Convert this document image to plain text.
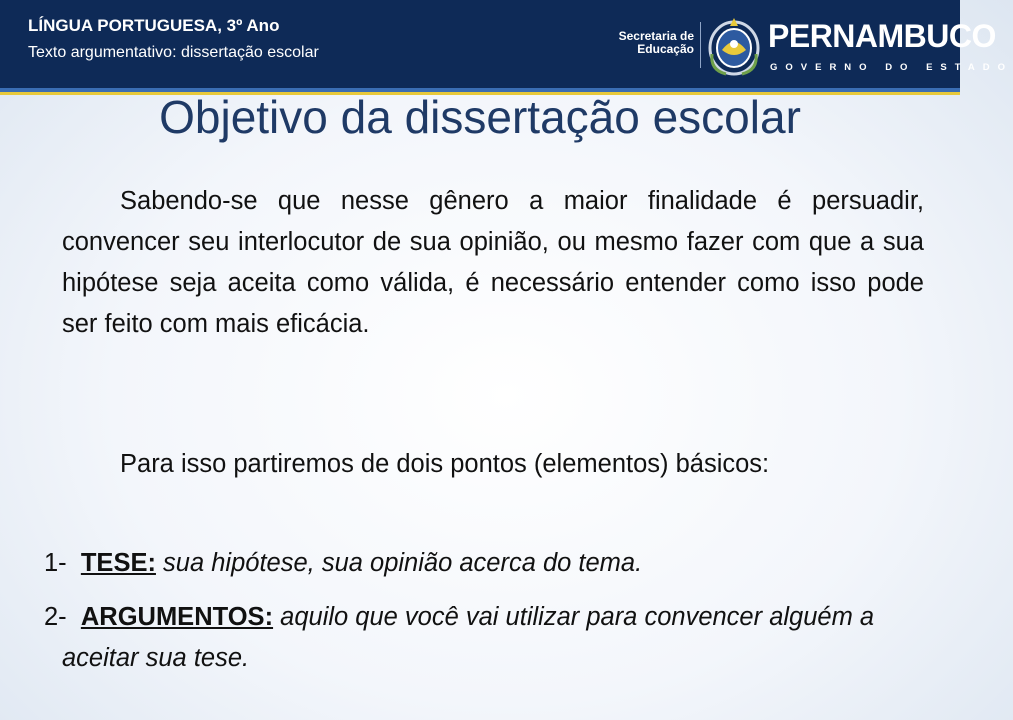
LÍNGUA PORTUGUESA, 3º Ano
Texto argumentativo: dissertação escolar
Secretaria de
Educação PERNAMBUCO
GOVERNO DO ESTADO
Objetivo da dissertação escolar

Sabendo-se que nesse gênero a maior finalidade é persuadir, convencer seu interlocutor de sua opinião, ou mesmo fazer com que a sua hipótese seja aceita como válida, é necessário entender como isso pode ser feito com mais eficácia.

Para isso partiremos de dois pontos (elementos) básicos:

1- TESE: sua hipótese, sua opinião acerca do tema.

2- ARGUMENTOS: aquilo que você vai utilizar para convencer alguém a aceitar sua tese.
